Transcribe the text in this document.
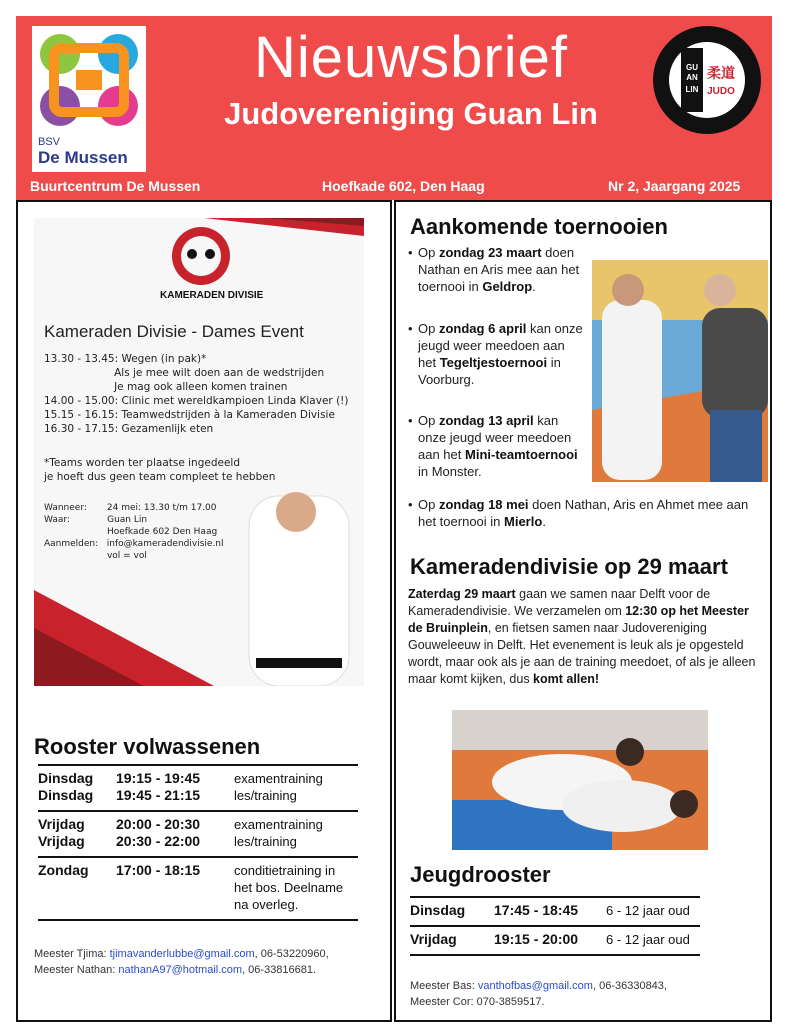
BSV
De Mussen
Nieuwsbrief
Judovereniging Guan Lin
GU
AN
LIN
柔道
JUDO
Buurtcentrum De Mussen	Hoefkade 602, Den Haag	Nr 2, Jaargang 2025
KAMERADEN DIVISIE
Kameraden Divisie - Dames Event
13.30 - 13.45: Wegen (in pak)*
Als je mee wilt doen aan de wedstrijden
Je mag ook alleen komen trainen
14.00 - 15.00: Clinic met wereldkampioen Linda Klaver (!)
15.15 - 16.15: Teamwedstrijden à la Kameraden Divisie
16.30 - 17.15: Gezamenlijk eten
*Teams worden ter plaatse ingedeeld
je hoeft dus geen team compleet te hebben
Wanneer:       24 mei: 13.30 t/m 17.00
Waar:             Guan Lin
Hoefkade 602 Den Haag
Aanmelden:   info@kameradendivisie.nl
vol = vol
Rooster volwassenen
Dinsdag	19:15 - 19:45	examentraining
Dinsdag	19:45 - 21:15	les/training
Vrijdag	20:00 - 20:30	examentraining
Vrijdag	20:30 - 22:00	les/training
Zondag	17:00 - 18:15	conditietraining in
het bos. Deelname
na overleg.
Meester Tjima: tjimavanderlubbe@gmail.com, 06-53220960,
Meester Nathan: nathanA97@hotmail.com, 06-33816681.
Aankomende toernooien
• Op zondag 23 maart doen Nathan en Aris mee aan het toernooi in Geldrop.
• Op zondag 6 april kan onze jeugd weer meedoen aan het Tegeltjestoernooi in Voorburg.
• Op zondag 13 april kan onze jeugd weer meedoen aan het Mini-teamtoernooi in Monster.
• Op zondag 18 mei doen Nathan, Aris en Ahmet mee aan het toernooi in Mierlo.
Kameradendivisie op 29 maart
Zaterdag 29 maart gaan we samen naar Delft voor de Kameradendivisie. We verzamelen om 12:30 op het Meester de Bruinplein, en fietsen samen naar Judovereniging Gouweleeuw in Delft. Het evenement is leuk als je opgesteld wordt, maar ook als je aan de training meedoet, of als je alleen maar komt kijken, dus komt allen!
Jeugdrooster
Dinsdag	17:45 - 18:45	6 - 12 jaar oud
Vrijdag	19:15 - 20:00	6 - 12 jaar oud
Meester Bas: vanthofbas@gmail.com, 06-36330843,
Meester Cor: 070-3859517.
